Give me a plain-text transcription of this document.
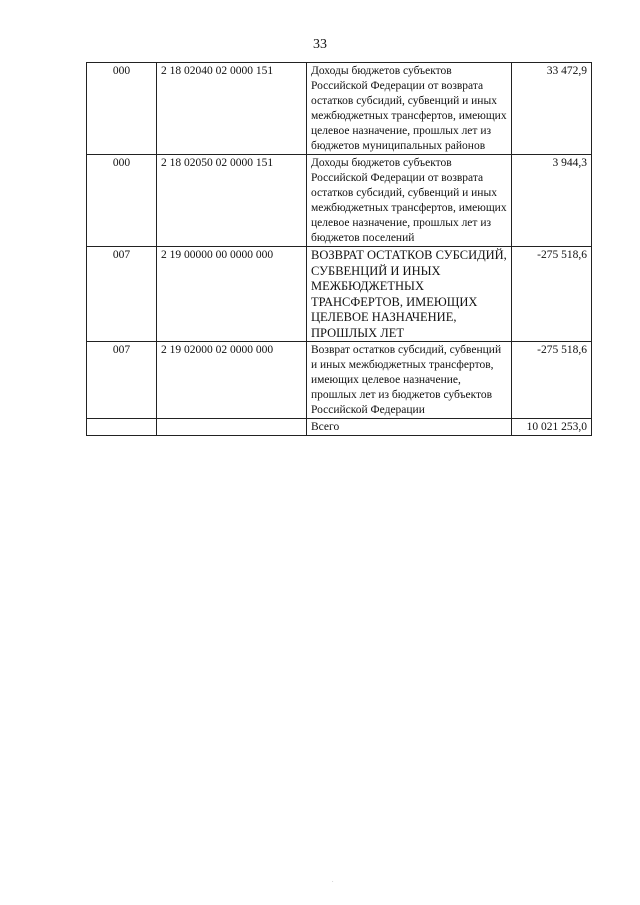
33
000	2 18 02040 02 0000 151	Доходы бюджетов субъектов Российской Федерации от возврата остатков субсидий, субвенций и иных межбюджетных трансфертов, имеющих целевое назначение, прошлых лет из бюджетов муниципальных районов	33 472,9
000	2 18 02050 02 0000 151	Доходы бюджетов субъектов Российской Федерации от возврата остатков субсидий, субвенций и иных межбюджетных трансфертов, имеющих целевое назначение, прошлых лет из бюджетов поселений	3 944,3
007	2 19 00000 00 0000 000	ВОЗВРАТ ОСТАТКОВ СУБСИДИЙ, СУБВЕНЦИЙ И ИНЫХ МЕЖБЮДЖЕТНЫХ ТРАНСФЕРТОВ, ИМЕЮЩИХ ЦЕЛЕВОЕ НАЗНАЧЕНИЕ, ПРОШЛЫХ ЛЕТ	-275 518,6
007	2 19 02000 02 0000 000	Возврат остатков субсидий, субвенций и иных межбюджетных трансфертов, имеющих целевое назначение, прошлых лет из бюджетов субъектов Российской Федерации	-275 518,6
		Всего	10 021 253,0
.
